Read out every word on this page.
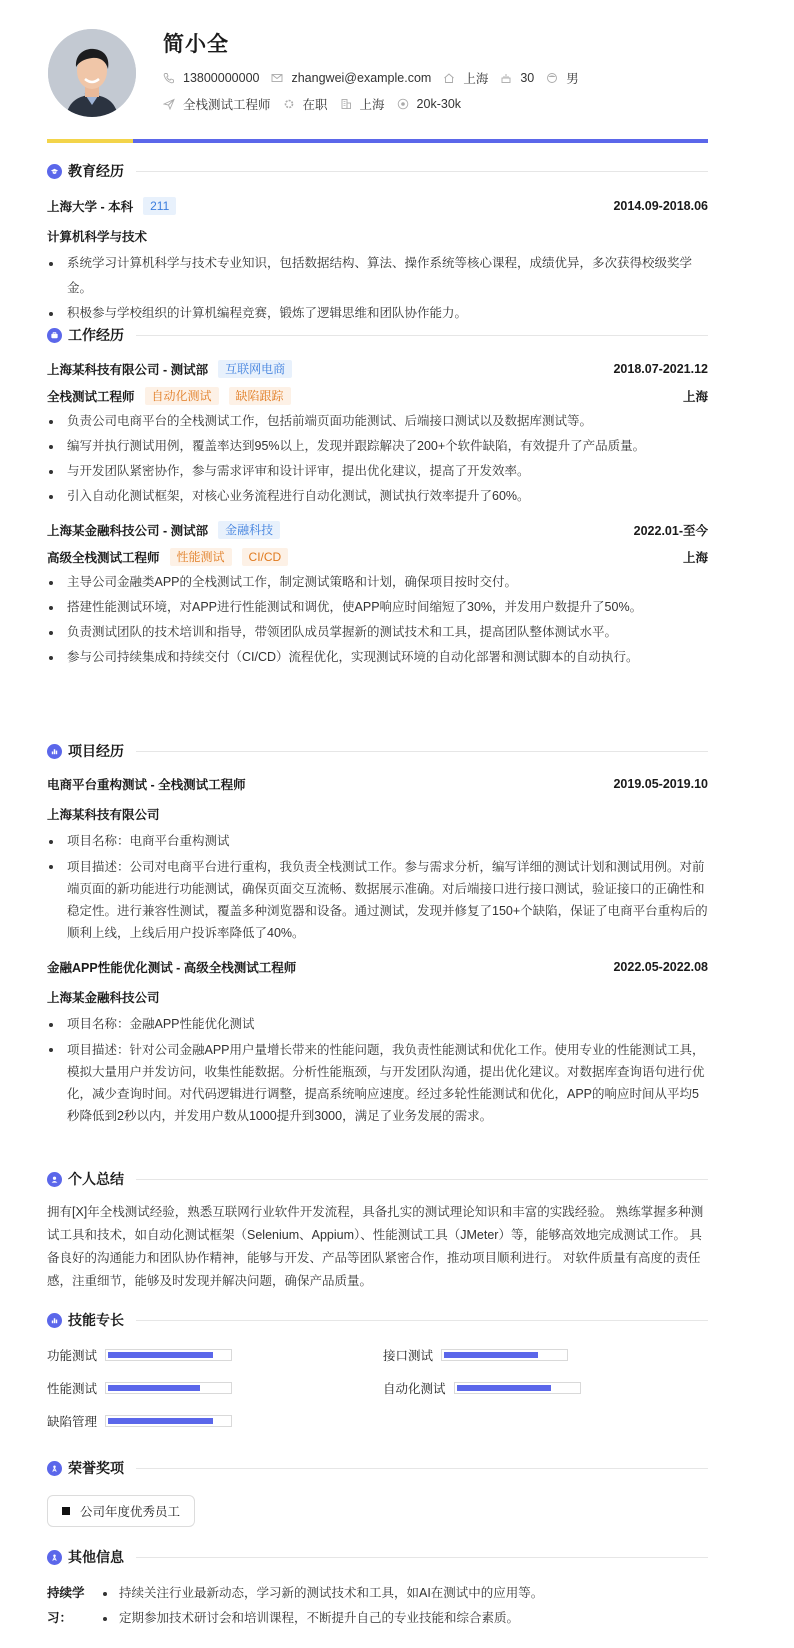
简小全
13800000000	zhangwei@example.com	上海	30	男
全栈测试工程师	在职	上海	20k-30k
教育经历
上海大学 - 本科	211	2014.09-2018.06
计算机科学与技术
系统学习计算机科学与技术专业知识，包括数据结构、算法、操作系统等核心课程，成绩优异，多次获得校级奖学金。
积极参与学校组织的计算机编程竞赛，锻炼了逻辑思维和团队协作能力。
工作经历
上海某科技有限公司 - 测试部	互联网电商	2018.07-2021.12
全栈测试工程师	自动化测试	缺陷跟踪	上海
负责公司电商平台的全栈测试工作，包括前端页面功能测试、后端接口测试以及数据库测试等。
编写并执行测试用例，覆盖率达到95%以上，发现并跟踪解决了200+个软件缺陷，有效提升了产品质量。
与开发团队紧密协作，参与需求评审和设计评审，提出优化建议，提高了开发效率。
引入自动化测试框架，对核心业务流程进行自动化测试，测试执行效率提升了60%。
上海某金融科技公司 - 测试部	金融科技	2022.01-至今
高级全栈测试工程师	性能测试	CI/CD	上海
主导公司金融类APP的全栈测试工作，制定测试策略和计划，确保项目按时交付。
搭建性能测试环境，对APP进行性能测试和调优，使APP响应时间缩短了30%，并发用户数提升了50%。
负责测试团队的技术培训和指导，带领团队成员掌握新的测试技术和工具，提高团队整体测试水平。
参与公司持续集成和持续交付（CI/CD）流程优化，实现测试环境的自动化部署和测试脚本的自动执行。
项目经历
电商平台重构测试 - 全栈测试工程师	2019.05-2019.10
上海某科技有限公司
项目名称：电商平台重构测试
项目描述：公司对电商平台进行重构，我负责全栈测试工作。参与需求分析，编写详细的测试计划和测试用例。对前端页面的新功能进行功能测试，确保页面交互流畅、数据展示准确。对后端接口进行接口测试，验证接口的正确性和稳定性。进行兼容性测试，覆盖多种浏览器和设备。通过测试，发现并修复了150+个缺陷，保证了电商平台重构后的顺利上线，上线后用户投诉率降低了40%。
金融APP性能优化测试 - 高级全栈测试工程师	2022.05-2022.08
上海某金融科技公司
项目名称：金融APP性能优化测试
项目描述：针对公司金融APP用户量增长带来的性能问题，我负责性能测试和优化工作。使用专业的性能测试工具，模拟大量用户并发访问，收集性能数据。分析性能瓶颈，与开发团队沟通，提出优化建议。对数据库查询语句进行优化，减少查询时间。对代码逻辑进行调整，提高系统响应速度。经过多轮性能测试和优化，APP的响应时间从平均5秒降低到2秒以内，并发用户数从1000提升到3000，满足了业务发展的需求。
个人总结

拥有[X]年全栈测试经验，熟悉互联网行业软件开发流程，具备扎实的测试理论知识和丰富的实践经验。 熟练掌握多种测试工具和技术，如自动化测试框架（Selenium、Appium）、性能测试工具（JMeter）等，能够高效地完成测试工作。 具备良好的沟通能力和团队协作精神，能够与开发、产品等团队紧密合作，推动项目顺利进行。 对软件质量有高度的责任感，注重细节，能够及时发现并解决问题，确保产品质量。

技能专长
功能测试	接口测试
性能测试	自动化测试
缺陷管理
荣誉奖项
公司年度优秀员工
其他信息
持续学习：
持续关注行业最新动态，学习新的测试技术和工具，如AI在测试中的应用等。
定期参加技术研讨会和培训课程，不断提升自己的专业技能和综合素质。
